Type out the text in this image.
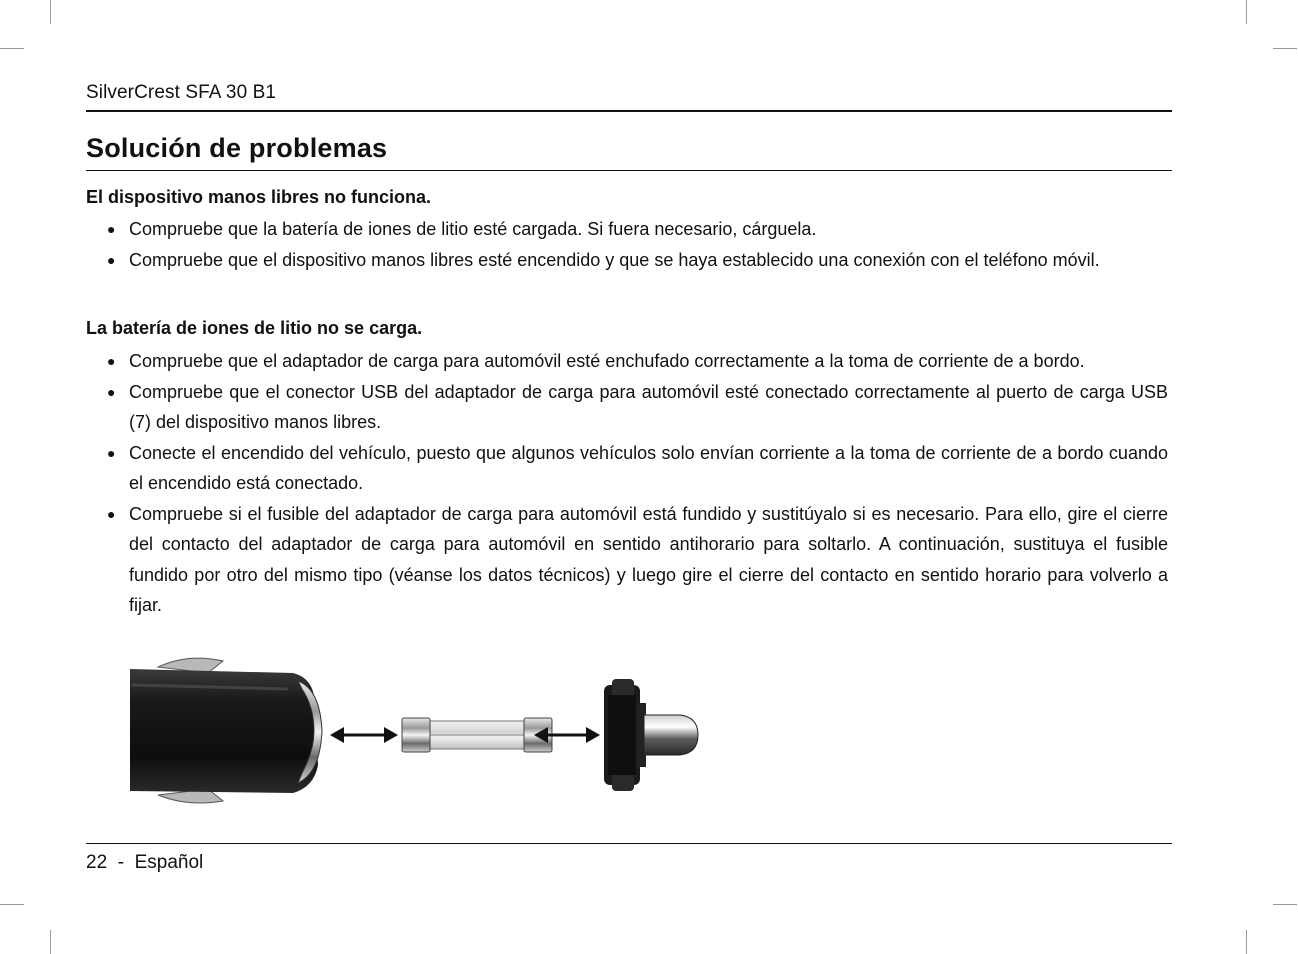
SilverCrest SFA 30 B1
Solución de problemas
El dispositivo manos libres no funciona.
● Compruebe que la batería de iones de litio esté cargada. Si fuera necesario, cárguela.
● Compruebe que el dispositivo manos libres esté encendido y que se haya establecido una conexión con el teléfono móvil.
La batería de iones de litio no se carga.
● Compruebe que el adaptador de carga para automóvil esté enchufado correctamente a la toma de corriente de a bordo.
● Compruebe que el conector USB del adaptador de carga para automóvil esté conectado correctamente al puerto de carga USB (7) del dispositivo manos libres.
● Conecte el encendido del vehículo, puesto que algunos vehículos solo envían corriente a la toma de corriente de a bordo cuando el encendido está conectado.
● Compruebe si el fusible del adaptador de carga para automóvil está fundido y sustitúyalo si es necesario. Para ello, gire el cierre del contacto del adaptador de carga para automóvil en sentido antihorario para soltarlo. A continuación, sustituya el fusible fundido por otro del mismo tipo (véanse los datos técnicos) y luego gire el cierre del contacto en sentido horario para volverlo a fijar.
22 - Español
